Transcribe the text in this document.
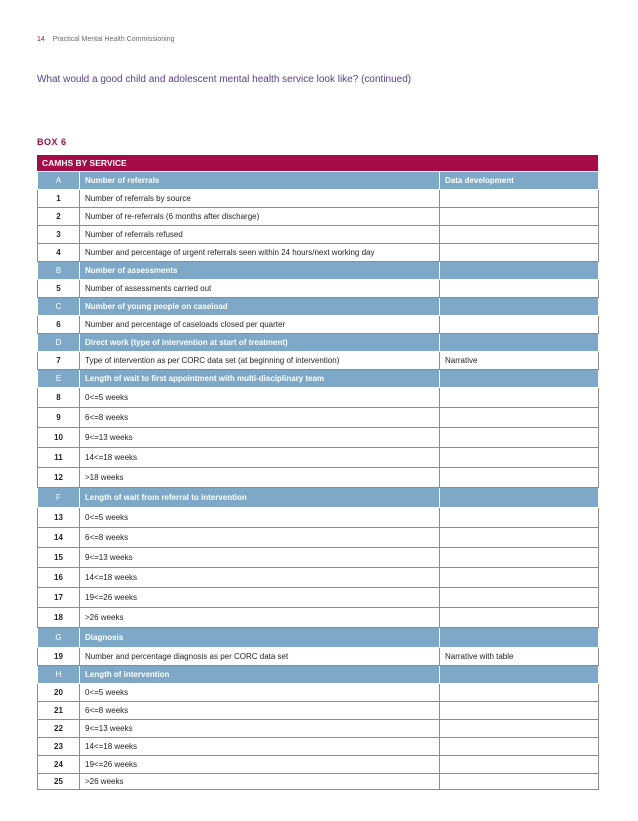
14 Practical Mental Health Commissioning
What would a good child and adolescent mental health service look like? (continued)
BOX 6
CAMHS BY SERVICE
A	Number of referrals	Data development
1	Number of referrals by source	
2	Number of re-referrals (6 months after discharge)	
3	Number of referrals refused	
4	Number and percentage of urgent referrals seen within 24 hours/next working day	
B	Number of assessments	
5	Number of assessments carried out	
C	Number of young people on caseload	
6	Number and percentage of caseloads closed per quarter	
D	Direct work (type of intervention at start of treatment)	
7	Type of intervention as per CORC data set (at beginning of intervention)	Narrative
E	Length of wait to first appointment with multi-disciplinary team	
8	0<=5 weeks	
9	6<=8 weeks	
10	9<=13 weeks	
11	14<=18 weeks	
12	>18 weeks	
F	Length of wait from referral to intervention	
13	0<=5 weeks	
14	6<=8 weeks	
15	9<=13 weeks	
16	14<=18 weeks	
17	19<=26 weeks	
18	>26 weeks	
G	Diagnosis	
19	Number and percentage diagnosis as per CORC data set	Narrative with table
H	Length of intervention	
20	0<=5 weeks	
21	6<=8 weeks	
22	9<=13 weeks	
23	14<=18 weeks	
24	19<=26 weeks	
25	>26 weeks	
